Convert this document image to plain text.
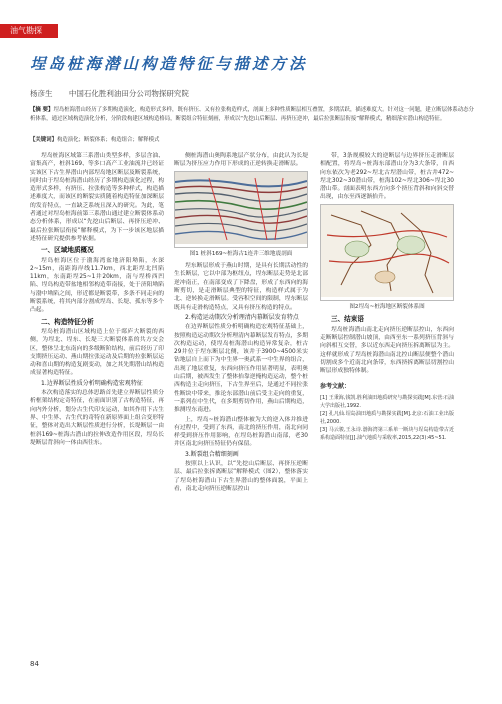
油气勘探
埕岛桩海潜山构造特征与描述方法
杨彦生 中国石化胜利油田分公司物探研究院
【摘 要】埕岛桩海潜山经历了多期构造演化，构造形式多样，既有挤压、又有拉张构造样式，剖面上多种性质断层相互叠置，多期活跃，描述难度大。针对这一问题，建立断层体系动态分析体系，通过区域构造演化分析，分阶段构建区域构造格局，断裂组合特征刻画，形成以“先挖山后断层、再挤压逆冲，最后拉张断层衔接”解释模式，精细落实潜山构造特征。
【关键词】构造演化；断裂体系；构造组合；解释模式

埕岛桩海区域第三系潜山类型多样，多层含油、富集高产，桩斜169、等多口高产工业油流井已经证实该区下古生界潜山内部埕岛地区断层及断裂系统，同时由于埕岛桩海潜山经历了多期构造演化过程，构造形式多样，有挤压、拉张构造等多种样式，构造描述难度大，而该区的断裂实质随着构造特征加深断层的发育特点，一直缺乏系统且深入的研究。为此，笔者通过对埕岛桩海前第三系潜山通过建立断裂体系动态分析体系，形成以“先挖山后断层、再挤压逆冲、最后拉张断层衔接”解释模式，为下一步该区地层描述特征研究提供参考依据。

一、区域地质概况

埕岛桩海区位于渤海湾盆地济阳坳陷，水深2~15m，南距海岸线11.7km，西北距埕北凹陷11km，东南距埕25~1井20km，南与埕桥西凹陷、埕岛构造带盆地相邻构造带南接，处于济阳坳陷与渤中坳陷之间，形近都是断裂带，多条不同走向的断裂系统，将其内部分割成埕岛、长堤、孤东等多个凸起。

二、构造特征分析

埕岛桩海潜山区域构造上位于郯庐大断裂的西侧，为埕北、埕东、长堤三大断裂体系的共方交会区，整体呈北东南向的多级断阶结构，前后经历了印支期挤压运动、燕山期拉张运动及后期的拉张断层运动和喜山期的构造复剧变动，加之其先期潜山结构造成显著构造特征。

1.边界断层性质分析明确构造宏观特征

本次构造落实的总体思路首先建立界断层性质分析框架结构定奇特征，在前面识别了古构造特征，再向内外分析，划分古生代印支运动，如其作用下古生界、中生界、古生代的奇特在新原界面上组合变形特征，整体对造出大断层性质进行分析，长堤断层一由桩斜169~桩海古潜山的拉伸改造作用区段，埕岛长堤断层背斜向一体由西往东。

侧桩海潜山奥陶系地层产状分布，由此认为长堤断层为挤压应力作用下形成的正逆转换走滑断层。

图1 桩斜169~桩海古1连井三维地震剖面

埕东断层形成于燕山时期，是具有长期活动性的生长断层，它以中部为枢纽点，埕东断层走势是北部逆冲南正，在南部变成了下降盘，形成了东西向的海断剪切，是走滑断层典型的特征，构造样式属于为北、逆转换走滑断层。受容积空间的限制，埕东断层既具有走滑构造特点，又具有挤压构造的特点。

2.构造运动期次分析理清内幕断层发育特点

在边界断层性质分析明确构造宏观特征基础上，按照构造运动期次分析理清内幕断层发育特点，多期次构造运动，使埕岛桩海潜山构造异常复杂，桩古29井位于埕东断层北侧，该井于3900~4500米实钻地层自上而下为中生界一奥武系一中生界的组合，出现了地层重复，东西向挤压作用显著明显，表明奥山后期，被西发生了整体抬靠逆掩构造运动，整个桩西构造主走向挤压，下古生界至后，是通过不同拉张性断块中带来，推论东部潜山前后受主走向的重复，一系列在中生代，在多期剪切作用，燕山后期构造，推测埕东南进。

上，埕岛~桩海潜山整体被为大的逆入体并推进有过程中，受到了东西，南北的挤压作用，南北向同样受到挤压作用影响，在埕岛桩海潜山南部，老30井区南北向挤压特征仍有保留。

3.断裂组合精细刻画

按照以上认识，以“先挖山后断层、再挤压逆断层、最后拉张拆离断层”解释模式（图2），整体落实了埕岛桩海潜山下古生界潜山的整体面貌，平面上看，南北走向挤压逆断层控山

带，3条规模较大的逆断层与边界挤压走滑断层相配置，将埕岛~桩海东部潜山分为3大条带，自西向东依次为老292~埕北古埕潜山带，桩古井472~埕北302~30潜山带，桩海102~埕北306~埕北30潜山带。剖面表明东西方向多个挤压背斜和向斜交替出现，由东至西逐渐抬升。

图2埕岛~桩海地区断裂体系图
三、结束语

埕岛桩海潜山南北走向挤压逆断层控山，东西向走断断层控制潜山坡顶，由西至东一系列挤压背斜与向斜相互交替，多以近东西走向挤压拆离断层为主。这样就形成了埕岛桩海潜山南北控山断层便整个潜山切割成多个近南北向条带，东西挤拆离断层切割控山断层形成独特体制。

参考文献：
[1] 王秉海,钱凯.胜利油田地质研究与勘探实践[M].东营:石油大学出版社,1992.
[2] 孔凡仙.埕岛油田地质与勘探实践[M].北京:石油工业出版社,2000.
[3] 马云骏,王永诗.渤海湾第三系单一断块与埕岛构造带古近系构造面特征[J].油气地质与采收率,2015,22(3):45~51.
84
